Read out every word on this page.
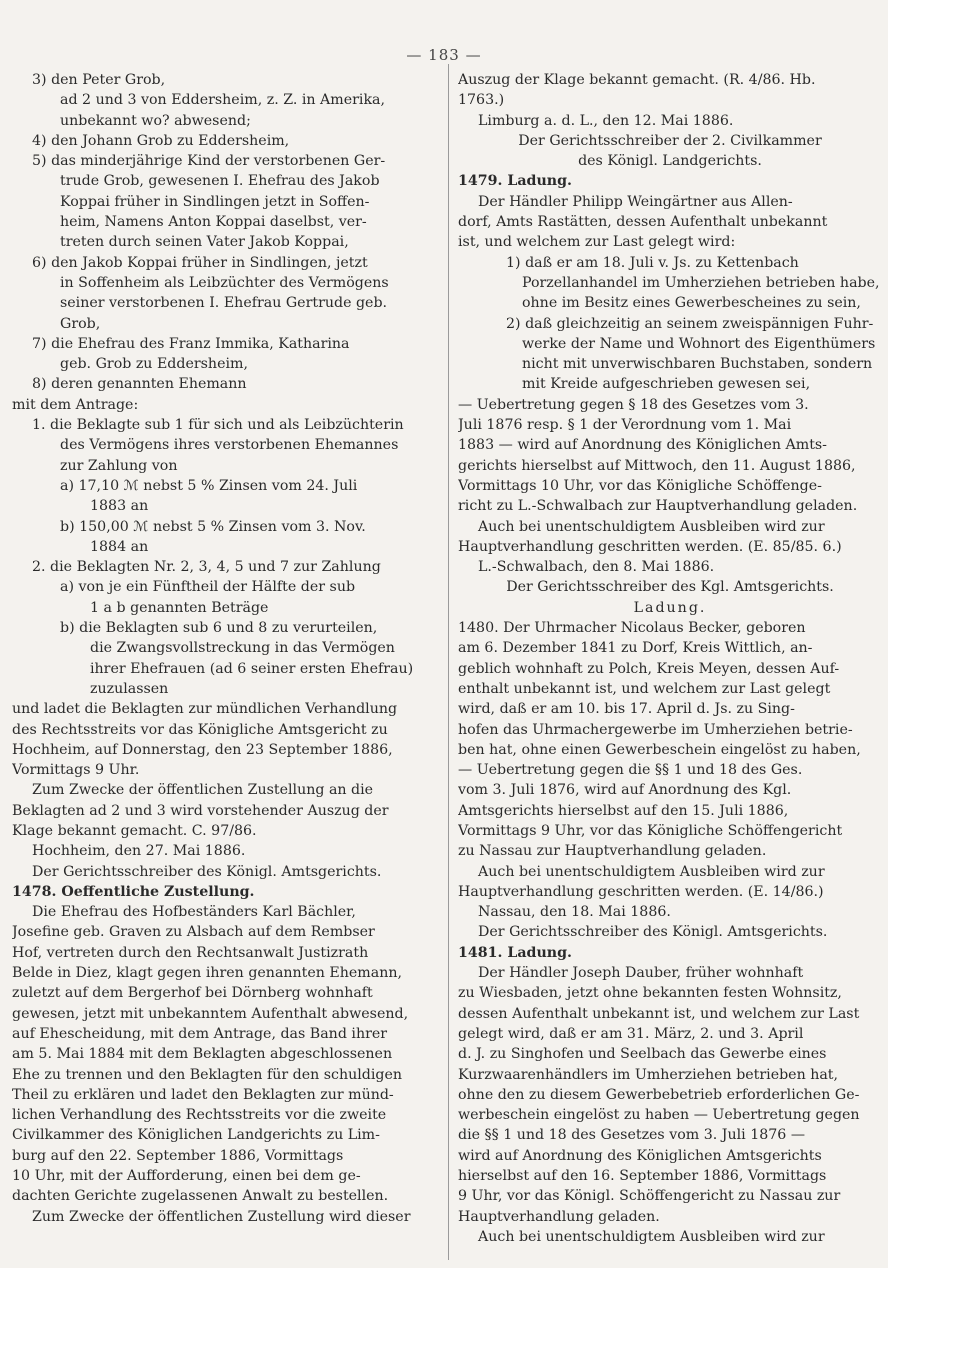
— 183 —
3) den Peter Grob,
ad 2 und 3 von Eddersheim, z. Z. in Amerika,
unbekannt wo? abwesend;
4) den Johann Grob zu Eddersheim,
5) das minderjährige Kind der verstorbenen Ger-
trude Grob, gewesenen I. Ehefrau des Jakob
Koppai früher in Sindlingen jetzt in Soffen-
heim, Namens Anton Koppai daselbst, ver-
treten durch seinen Vater Jakob Koppai,
6) den Jakob Koppai früher in Sindlingen, jetzt
in Soffenheim als Leibzüchter des Vermögens
seiner verstorbenen I. Ehefrau Gertrude geb.
Grob,
7) die Ehefrau des Franz Immika, Katharina
geb. Grob zu Eddersheim,
8) deren genannten Ehemann
mit dem Antrage:
1. die Beklagte sub 1 für sich und als Leibzüchterin
des Vermögens ihres verstorbenen Ehemannes
zur Zahlung von
a) 17,10 ℳ nebst 5 % Zinsen vom 24. Juli
1883 an
b) 150,00 ℳ nebst 5 % Zinsen vom 3. Nov.
1884 an
2. die Beklagten Nr. 2, 3, 4, 5 und 7 zur Zahlung
a) von je ein Fünftheil der Hälfte der sub
1 a b genannten Beträge
b) die Beklagten sub 6 und 8 zu verurteilen,
die Zwangsvollstreckung in das Vermögen
ihrer Ehefrauen (ad 6 seiner ersten Ehefrau)
zuzulassen
und ladet die Beklagten zur mündlichen Verhandlung
des Rechtsstreits vor das Königliche Amtsgericht zu
Hochheim, auf Donnerstag, den 23 September 1886,
Vormittags 9 Uhr.
Zum Zwecke der öffentlichen Zustellung an die
Beklagten ad 2 und 3 wird vorstehender Auszug der
Klage bekannt gemacht. C. 97/86.
Hochheim, den 27. Mai 1886.
Der Gerichtsschreiber des Königl. Amtsgerichts.
1478. Oeffentliche Zustellung.
Die Ehefrau des Hofbeständers Karl Bächler,
Josefine geb. Graven zu Alsbach auf dem Rembser
Hof, vertreten durch den Rechtsanwalt Justizrath
Belde in Diez, klagt gegen ihren genannten Ehemann,
zuletzt auf dem Bergerhof bei Dörnberg wohnhaft
gewesen, jetzt mit unbekanntem Aufenthalt abwesend,
auf Ehescheidung, mit dem Antrage, das Band ihrer
am 5. Mai 1884 mit dem Beklagten abgeschlossenen
Ehe zu trennen und den Beklagten für den schuldigen
Theil zu erklären und ladet den Beklagten zur münd-
lichen Verhandlung des Rechtsstreits vor die zweite
Civilkammer des Königlichen Landgerichts zu Lim-
burg auf den 22. September 1886, Vormittags
10 Uhr, mit der Aufforderung, einen bei dem ge-
dachten Gerichte zugelassenen Anwalt zu bestellen.
Zum Zwecke der öffentlichen Zustellung wird dieser
Auszug der Klage bekannt gemacht. (R. 4/86. Hb.
1763.)
Limburg a. d. L., den 12. Mai 1886.
Der Gerichtsschreiber der 2. Civilkammer
des Königl. Landgerichts.
1479. Ladung.
Der Händler Philipp Weingärtner aus Allen-
dorf, Amts Rastätten, dessen Aufenthalt unbekannt
ist, und welchem zur Last gelegt wird:
1) daß er am 18. Juli v. Js. zu Kettenbach
Porzellanhandel im Umherziehen betrieben habe,
ohne im Besitz eines Gewerbescheines zu sein,
2) daß gleichzeitig an seinem zweispännigen Fuhr-
werke der Name und Wohnort des Eigenthümers
nicht mit unverwischbaren Buchstaben, sondern
mit Kreide aufgeschrieben gewesen sei,
— Uebertretung gegen § 18 des Gesetzes vom 3.
Juli 1876 resp. § 1 der Verordnung vom 1. Mai
1883 — wird auf Anordnung des Königlichen Amts-
gerichts hierselbst auf Mittwoch, den 11. August 1886,
Vormittags 10 Uhr, vor das Königliche Schöffenge-
richt zu L.-Schwalbach zur Hauptverhandlung geladen.
Auch bei unentschuldigtem Ausbleiben wird zur
Hauptverhandlung geschritten werden. (E. 85/85. 6.)
L.-Schwalbach, den 8. Mai 1886.
Der Gerichtsschreiber des Kgl. Amtsgerichts.
Ladung.
1480. Der Uhrmacher Nicolaus Becker, geboren
am 6. Dezember 1841 zu Dorf, Kreis Wittlich, an-
geblich wohnhaft zu Polch, Kreis Meyen, dessen Auf-
enthalt unbekannt ist, und welchem zur Last gelegt
wird, daß er am 10. bis 17. April d. Js. zu Sing-
hofen das Uhrmachergewerbe im Umherziehen betrie-
ben hat, ohne einen Gewerbeschein eingelöst zu haben,
— Uebertretung gegen die §§ 1 und 18 des Ges.
vom 3. Juli 1876, wird auf Anordnung des Kgl.
Amtsgerichts hierselbst auf den 15. Juli 1886,
Vormittags 9 Uhr, vor das Königliche Schöffengericht
zu Nassau zur Hauptverhandlung geladen.
Auch bei unentschuldigtem Ausbleiben wird zur
Hauptverhandlung geschritten werden. (E. 14/86.)
Nassau, den 18. Mai 1886.
Der Gerichtsschreiber des Königl. Amtsgerichts.
1481. Ladung.
Der Händler Joseph Dauber, früher wohnhaft
zu Wiesbaden, jetzt ohne bekannten festen Wohnsitz,
dessen Aufenthalt unbekannt ist, und welchem zur Last
gelegt wird, daß er am 31. März, 2. und 3. April
d. J. zu Singhofen und Seelbach das Gewerbe eines
Kurzwaarenhändlers im Umherziehen betrieben hat,
ohne den zu diesem Gewerbebetrieb erforderlichen Ge-
werbeschein eingelöst zu haben — Uebertretung gegen
die §§ 1 und 18 des Gesetzes vom 3. Juli 1876 —
wird auf Anordnung des Königlichen Amtsgerichts
hierselbst auf den 16. September 1886, Vormittags
9 Uhr, vor das Königl. Schöffengericht zu Nassau zur
Hauptverhandlung geladen.
Auch bei unentschuldigtem Ausbleiben wird zur
